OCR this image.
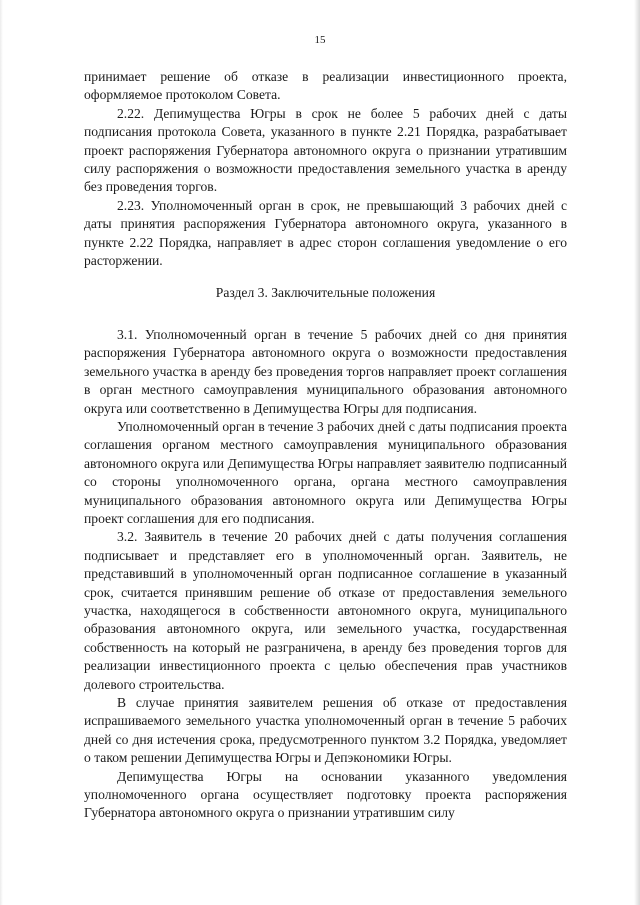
15

принимает решение об отказе в реализации инвестиционного проекта, оформляемое протоколом Совета.

2.22. Депимущества Югры в срок не более 5 рабочих дней с даты подписания протокола Совета, указанного в пункте 2.21 Порядка, разрабатывает проект распоряжения Губернатора автономного округа о признании утратившим силу распоряжения о возможности предоставления земельного участка в аренду без проведения торгов.

2.23. Уполномоченный орган в срок, не превышающий 3 рабочих дней с даты принятия распоряжения Губернатора автономного округа, указанного в пункте 2.22 Порядка, направляет в адрес сторон соглашения уведомление о его расторжении.

Раздел 3. Заключительные положения

3.1. Уполномоченный орган в течение 5 рабочих дней со дня принятия распоряжения Губернатора автономного округа о возможности предоставления земельного участка в аренду без проведения торгов направляет проект соглашения в орган местного самоуправления муниципального образования автономного округа или соответственно в Депимущества Югры для подписания.

Уполномоченный орган в течение 3 рабочих дней с даты подписания проекта соглашения органом местного самоуправления муниципального образования автономного округа или Депимущества Югры направляет заявителю подписанный со стороны уполномоченного органа, органа местного самоуправления муниципального образования автономного округа или Депимущества Югры проект соглашения для его подписания.

3.2. Заявитель в течение 20 рабочих дней с даты получения соглашения подписывает и представляет его в уполномоченный орган. Заявитель, не представивший в уполномоченный орган подписанное соглашение в указанный срок, считается принявшим решение об отказе от предоставления земельного участка, находящегося в собственности автономного округа, муниципального образования автономного округа, или земельного участка, государственная собственность на который не разграничена, в аренду без проведения торгов для реализации инвестиционного проекта с целью обеспечения прав участников долевого строительства.

В случае принятия заявителем решения об отказе от предоставления испрашиваемого земельного участка уполномоченный орган в течение 5 рабочих дней со дня истечения срока, предусмотренного пунктом 3.2 Порядка, уведомляет о таком решении Депимущества Югры и Депэкономики Югры.

Депимущества Югры на основании указанного уведомления уполномоченного органа осуществляет подготовку проекта распоряжения Губернатора автономного округа о признании утратившим силу
